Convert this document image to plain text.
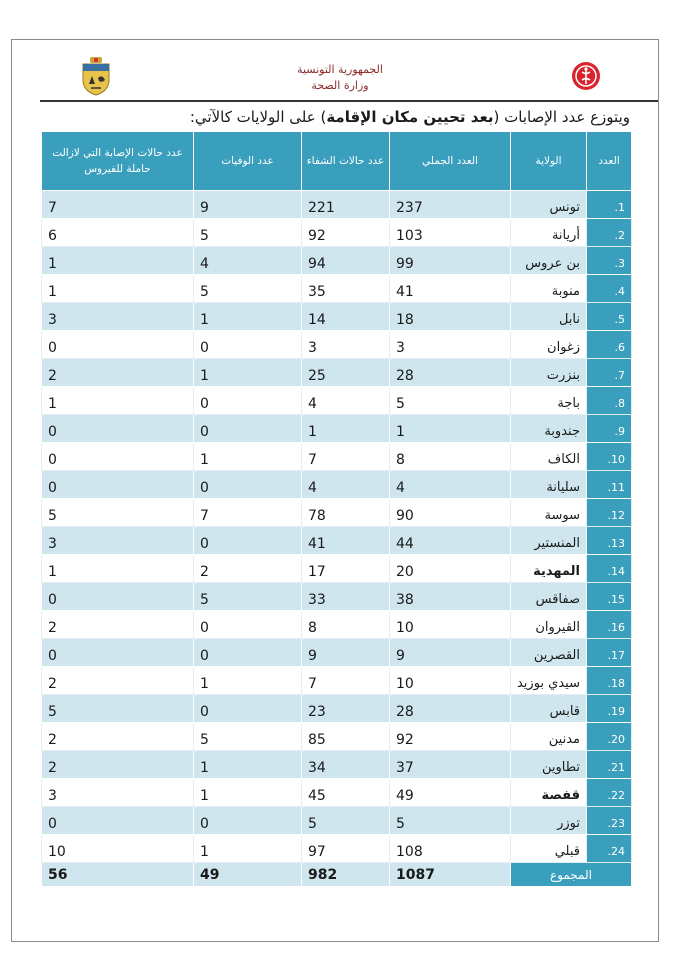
الجمهورية التونسية
وزارة الصحة
ويتوزع عدد الإصابات (بعد تحيين مكان الإقامة) على الولايات كالآتي:
العدد	الولاية	العدد الجملي	عدد حالات الشفاء	عدد الوفيات	عدد حالات الإصابة التي لازالت حاملة للفيروس
1.	تونس	237	221	9	7
2.	أريانة	103	92	5	6
3.	بن عروس	99	94	4	1
4.	منوبة	41	35	5	1
5.	نابل	18	14	1	3
6.	زغوان	3	3	0	0
7.	بنزرت	28	25	1	2
8.	باجة	5	4	0	1
9.	جندوبة	1	1	0	0
10.	الكاف	8	7	1	0
11.	سليانة	4	4	0	0
12.	سوسة	90	78	7	5
13.	المنستير	44	41	0	3
14.	المهدية	20	17	2	1
15.	صفاقس	38	33	5	0
16.	القيروان	10	8	0	2
17.	القصرين	9	9	0	0
18.	سيدي بوزيد	10	7	1	2
19.	قابس	28	23	0	5
20.	مدنين	92	85	5	2
21.	تطاوين	37	34	1	2
22.	قفصة	49	45	1	3
23.	توزر	5	5	0	0
24.	قبلي	108	97	1	10
المجموع		1087	982	49	56
